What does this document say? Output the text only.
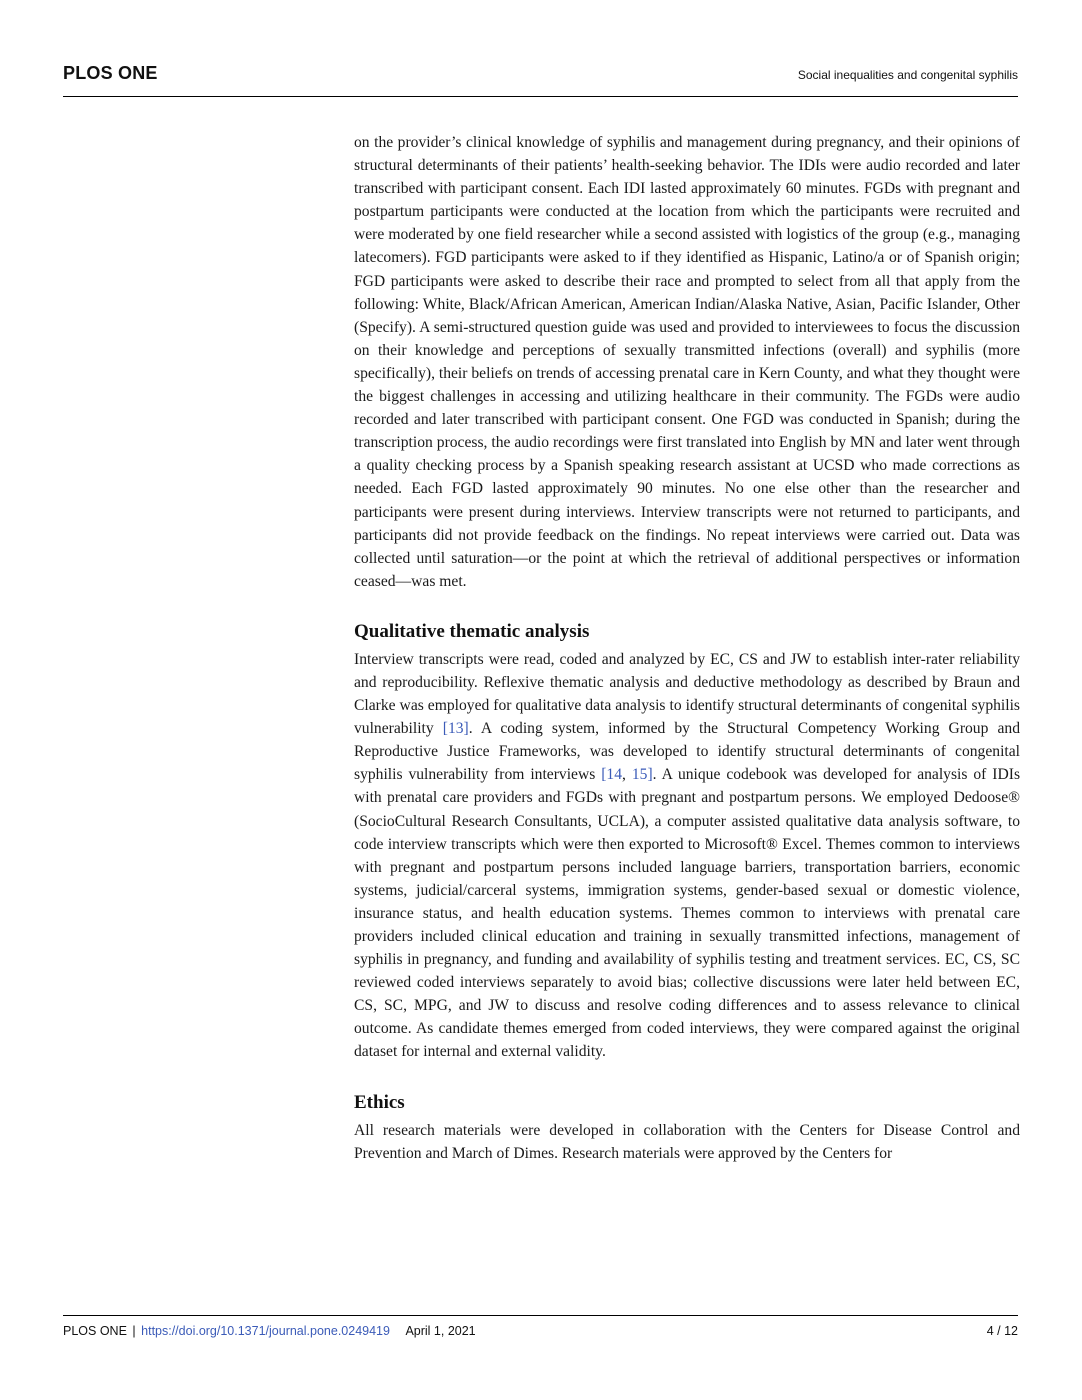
PLOS ONE	Social inequalities and congenital syphilis

on the provider’s clinical knowledge of syphilis and management during pregnancy, and their opinions of structural determinants of their patients’ health-seeking behavior. The IDIs were audio recorded and later transcribed with participant consent. Each IDI lasted approximately 60 minutes. FGDs with pregnant and postpartum participants were conducted at the location from which the participants were recruited and were moderated by one field researcher while a second assisted with logistics of the group (e.g., managing latecomers). FGD participants were asked to if they identified as Hispanic, Latino/a or of Spanish origin; FGD participants were asked to describe their race and prompted to select from all that apply from the following: White, Black/African American, American Indian/Alaska Native, Asian, Pacific Islander, Other (Specify). A semi-structured question guide was used and provided to interviewees to focus the discussion on their knowledge and perceptions of sexually transmitted infections (overall) and syphilis (more specifically), their beliefs on trends of accessing prenatal care in Kern County, and what they thought were the biggest challenges in accessing and utilizing healthcare in their community. The FGDs were audio recorded and later transcribed with participant consent. One FGD was conducted in Spanish; during the transcription process, the audio recordings were first translated into English by MN and later went through a quality checking process by a Spanish speaking research assistant at UCSD who made corrections as needed. Each FGD lasted approximately 90 minutes. No one else other than the researcher and participants were present during interviews. Interview transcripts were not returned to participants, and participants did not provide feedback on the findings. No repeat interviews were carried out. Data was collected until saturation—or the point at which the retrieval of additional perspectives or information ceased—was met.

Qualitative thematic analysis

Interview transcripts were read, coded and analyzed by EC, CS and JW to establish inter-rater reliability and reproducibility. Reflexive thematic analysis and deductive methodology as described by Braun and Clarke was employed for qualitative data analysis to identify structural determinants of congenital syphilis vulnerability [13]. A coding system, informed by the Structural Competency Working Group and Reproductive Justice Frameworks, was developed to identify structural determinants of congenital syphilis vulnerability from interviews [14, 15]. A unique codebook was developed for analysis of IDIs with prenatal care providers and FGDs with pregnant and postpartum persons. We employed Dedoose® (SocioCultural Research Consultants, UCLA), a computer assisted qualitative data analysis software, to code interview transcripts which were then exported to Microsoft® Excel. Themes common to interviews with pregnant and postpartum persons included language barriers, transportation barriers, economic systems, judicial/carceral systems, immigration systems, gender-based sexual or domestic violence, insurance status, and health education systems. Themes common to interviews with prenatal care providers included clinical education and training in sexually transmitted infections, management of syphilis in pregnancy, and funding and availability of syphilis testing and treatment services. EC, CS, SC reviewed coded interviews separately to avoid bias; collective discussions were later held between EC, CS, SC, MPG, and JW to discuss and resolve coding differences and to assess relevance to clinical outcome. As candidate themes emerged from coded interviews, they were compared against the original dataset for internal and external validity.

Ethics

All research materials were developed in collaboration with the Centers for Disease Control and Prevention and March of Dimes. Research materials were approved by the Centers for

PLOS ONE | https://doi.org/10.1371/journal.pone.0249419 April 1, 2021	4 / 12
